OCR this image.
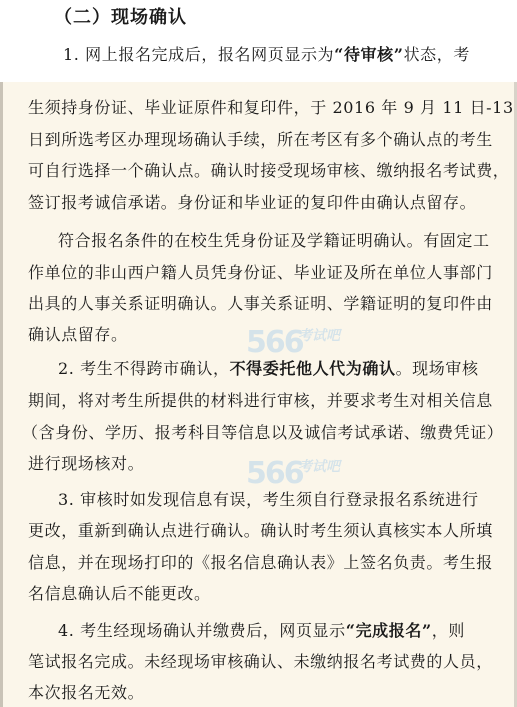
（二）现场确认
1. 网上报名完成后，报名网页显示为“待审核”状态，考
生须持身份证、毕业证原件和复印件，于 2016 年 9 月 11 日-13
日到所选考区办理现场确认手续，所在考区有多个确认点的考生
可自行选择一个确认点。确认时接受现场审核、缴纳报名考试费，
签订报考诚信承诺。身份证和毕业证的复印件由确认点留存。
符合报名条件的在校生凭身份证及学籍证明确认。有固定工
作单位的非山西户籍人员凭身份证、毕业证及所在单位人事部门
出具的人事关系证明确认。人事关系证明、学籍证明的复印件由
确认点留存。	566
考试吧
2. 考生不得跨市确认，不得委托他人代为确认。现场审核
期间，将对考生所提供的材料进行审核，并要求考生对相关信息
（含身份、学历、报考科目等信息以及诚信考试承诺、缴费凭证）
进行现场核对。	566
考试吧
3. 审核时如发现信息有误，考生须自行登录报名系统进行
更改，重新到确认点进行确认。确认时考生须认真核实本人所填
信息，并在现场打印的《报名信息确认表》上签名负责。考生报
名信息确认后不能更改。
4. 考生经现场确认并缴费后，网页显示“完成报名”，则
笔试报名完成。未经现场审核确认、未缴纳报名考试费的人员，
本次报名无效。
